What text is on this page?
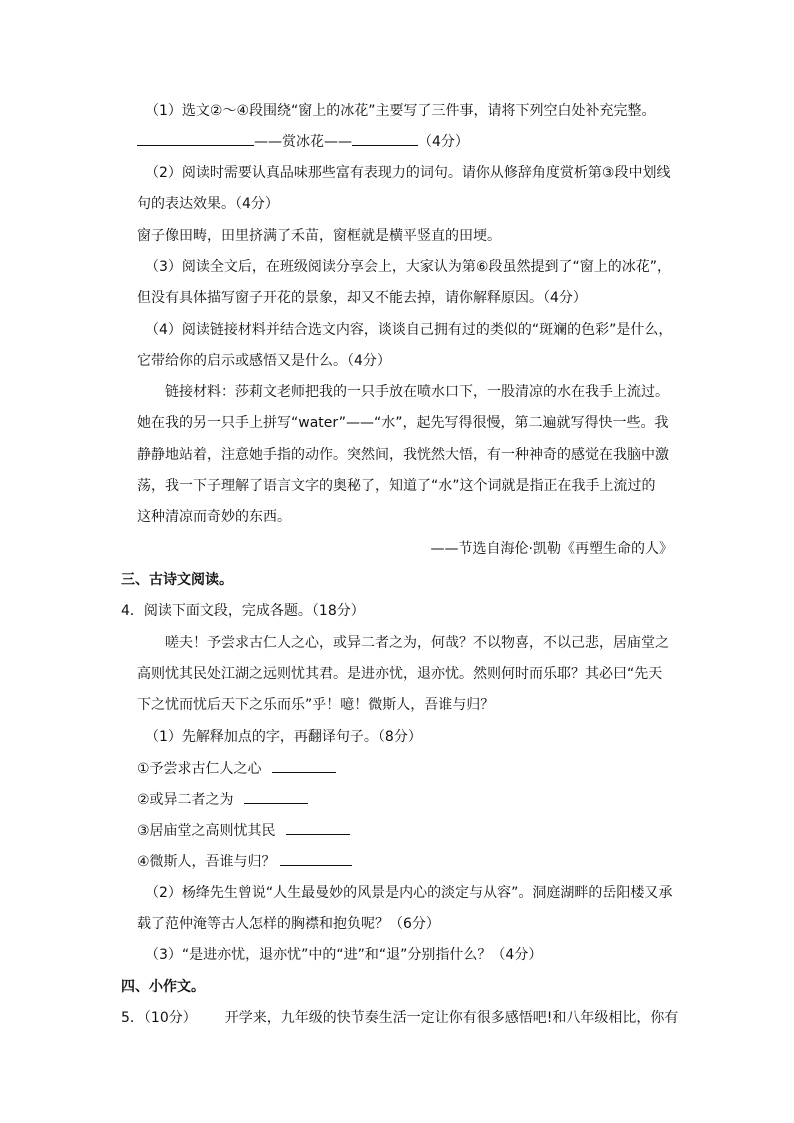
（1）选文②～④段围绕“窗上的冰花”主要写了三件事，请将下列空白处补充完整。
——赏冰花——	（4分）
（2）阅读时需要认真品味那些富有表现力的词句。请你从修辞角度赏析第③段中划线
句的表达效果。（4分）
窗子像田畴，田里挤满了禾苗，窗框就是横平竖直的田埂。
（3）阅读全文后，在班级阅读分享会上，大家认为第⑥段虽然提到了“窗上的冰花”，
但没有具体描写窗子开花的景象，却又不能去掉，请你解释原因。（4分）
（4）阅读链接材料并结合选文内容，谈谈自己拥有过的类似的“斑斓的色彩”是什么，
它带给你的启示或感悟又是什么。（4分）
链接材料：莎莉文老师把我的一只手放在喷水口下，一股清凉的水在我手上流过。
她在我的另一只手上拼写“water”——“水”，起先写得很慢，第二遍就写得快一些。我
静静地站着，注意她手指的动作。突然间，我恍然大悟，有一种神奇的感觉在我脑中激
荡，我一下子理解了语言文字的奥秘了，知道了“水”这个词就是指正在我手上流过的
这种清凉而奇妙的东西。
——节选自海伦·凯勒《再塑生命的人》
三、古诗文阅读。
4．阅读下面文段，完成各题。（18分）
嗟夫！予尝求古仁人之心，或异二者之为，何哉？不以物喜，不以己悲，居庙堂之
高则忧其民处江湖之远则忧其君。是进亦忧，退亦忧。然则何时而乐耶？其必曰“先天
下之忧而忧后天下之乐而乐”乎！噫！微斯人，吾谁与归？
（1）先解释加点的字，再翻译句子。（8分）
①予尝求古仁人之心
②或异二者之为
③居庙堂之高则忧其民
④微斯人，吾谁与归？
（2）杨绛先生曾说“人生最曼妙的风景是内心的淡定与从容”。洞庭湖畔的岳阳楼又承
载了范仲淹等古人怎样的胸襟和抱负呢？（6分）
（3）“是进亦忧，退亦忧”中的“进”和“退”分别指什么？（4分）
四、小作文。
5．（10分） 开学来，九年级的快节奏生活一定让你有很多感悟吧!和八年级相比，你有
